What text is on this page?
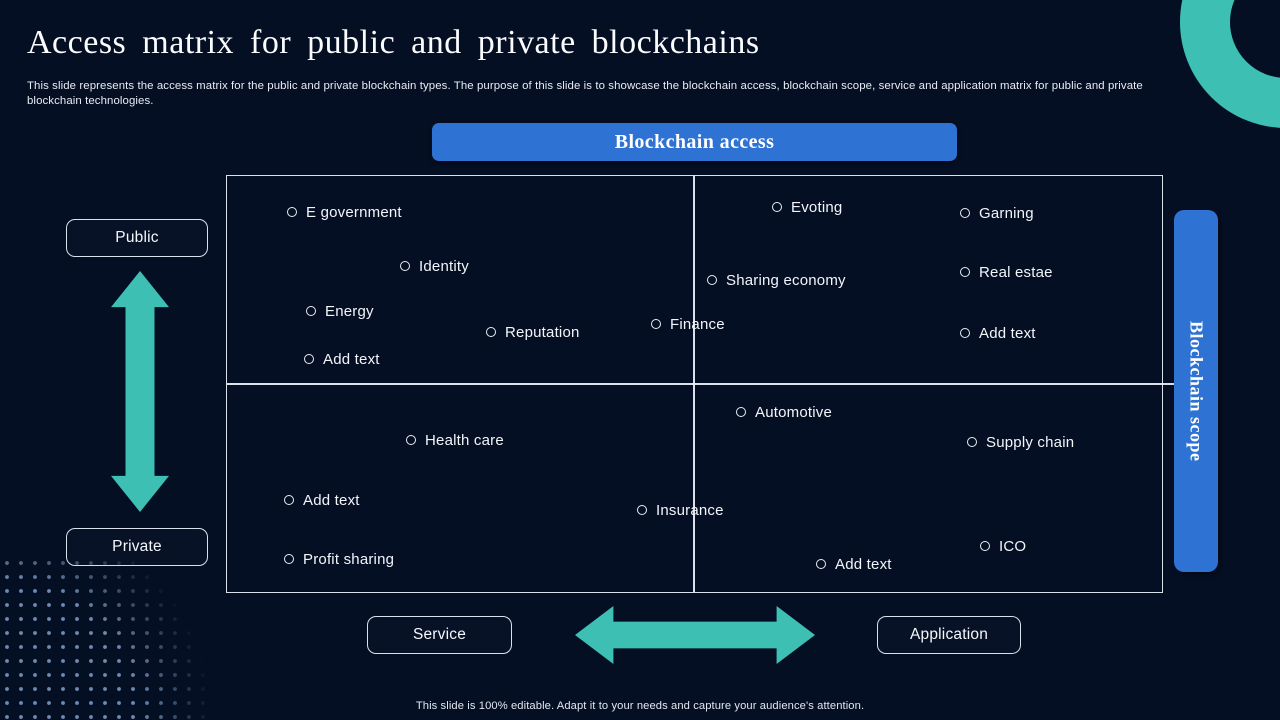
Access matrix for public and private blockchains
This slide represents the access matrix for the public and private blockchain types. The purpose of this slide is to showcase the blockchain access, blockchain scope, service and application matrix for public and private blockchain technologies.
Blockchain access
E government
Identity
Energy
Reputation
Add text
Evoting	Garning
Real estae
Sharing economy
Finance
Add text
Health care
Add text
Insurance
Profit sharing
Automotive
Supply chain
ICO
Add text
Public
Private
Blockchain scope
Service	Application
This slide is 100% editable. Adapt it to your needs and capture your audience's attention.
